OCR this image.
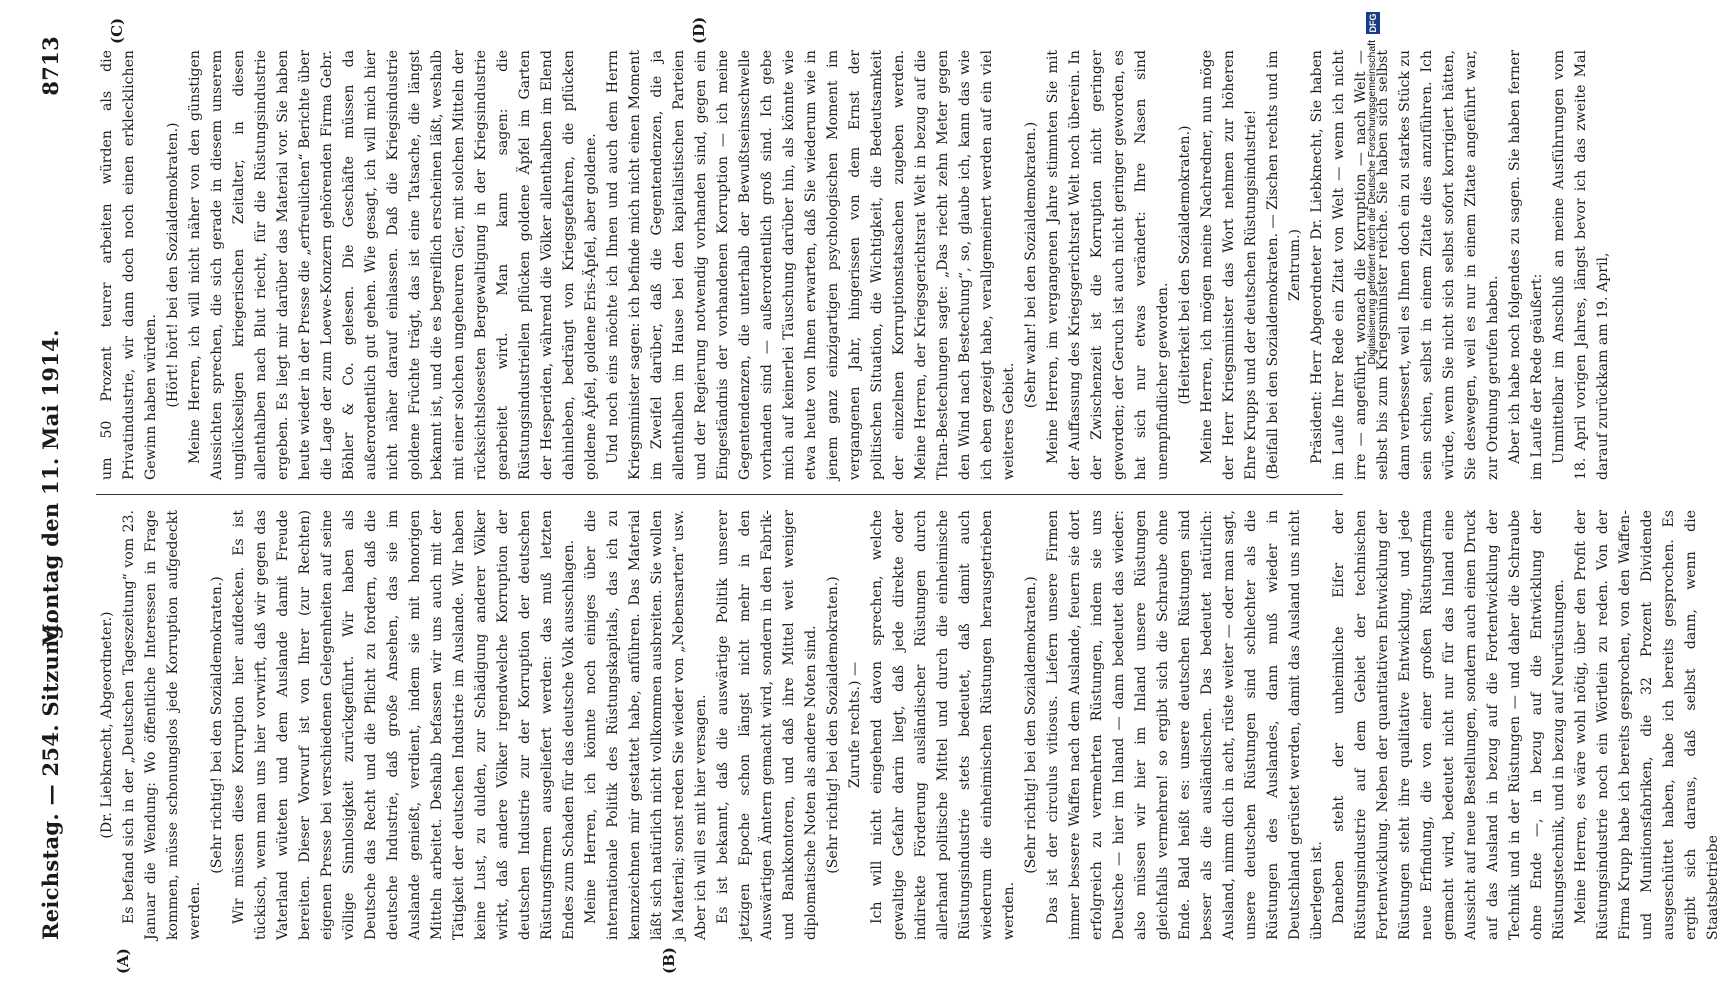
Reichstag. — 254. Sitzung.
Montag den 11. Mai 1914.
8713
(A)	(B)
(C)	(D)

(Dr. Liebknecht, Abgeordneter.) Es befand sich in der „Deutschen Tageszeitung“ vom 23. Januar die Wendung: Wo öffentliche Interessen in Frage kommen, müsse schonungslos jede Korruption aufgedeckt werden.

(Sehr richtig! bei den Sozialdemokraten.) Wir müssen diese Korruption hier aufdecken. Es ist tückisch, wenn man uns hier vorwirft, daß wir gegen das Vaterland wüteten und dem Auslande damit Freude bereiten. Dieser Vorwurf ist von Ihrer (zur Rechten) eigenen Presse bei verschiedenen Gelegenheiten auf seine völlige Sinnlosigkeit zurückgeführt. Wir haben als Deutsche das Recht und die Pflicht zu fordern, daß die deutsche Industrie, daß große Ansehen, das sie im Auslande genießt, verdient, indem sie mit honorigen Mitteln arbeitet. Deshalb befassen wir uns auch mit der Tätigkeit der deutschen Industrie im Auslande. Wir haben keine Lust, zu dulden, zur Schädigung anderer Völker wirkt, daß andere Völker irgendwelche Korruption der deutschen Industrie zur der Korruption der deutschen Rüstungsfirmen ausgeliefert werden: das muß letzten Endes zum Schaden für das deutsche Volk ausschlagen. Meine Herren, ich könnte noch einiges über die internationale Politik des Rüstungskapitals, das ich zu kennzeichnen mir gestattet habe, anführen. Das Material läßt sich natürlich nicht vollkommen ausbreiten. Sie wollen ja Material; sonst reden Sie wieder von „Nebensarten“ usw. Aber ich will es mit hier versagen. Es ist bekannt, daß die auswärtige Politik unserer jetzigen Epoche schon längst nicht mehr in den Auswärtigen Ämtern gemacht wird, sondern in den Fabrik- und Bankkontoren, und daß ihre Mittel weit weniger diplomatische Noten als andere Noten sind. (Sehr richtig! bei den Sozialdemokraten.) Zurufe rechts.) — Ich will nicht eingehend davon sprechen, welche gewaltige Gefahr darin liegt, daß jede direkte oder indirekte Förderung ausländischer Rüstungen durch allerhand politische Mittel und durch die einheimische Rüstungsindustrie stets bedeutet, daß damit auch wiederum die einheimischen Rüstungen herausgetrieben werden.

(Sehr richtig! bei den Sozialdemokraten.) Das ist der circulus vitiosus. Liefern unsere Firmen immer bessere Waffen nach dem Auslande, feuern sie dort erfolgreich zu vermehrten Rüstungen, indem sie uns Deutsche — hier im Inland — dann bedeutet das wieder: also müssen wir hier im Inland unsere Rüstungen gleichfalls vermehren! so ergibt sich die Schraube ohne Ende. Bald heißt es: unsere deutschen Rüstungen sind besser als die ausländischen. Das bedeutet natürlich: Ausland, nimm dich in acht, rüste weiter — oder man sagt, unsere deutschen Rüstungen sind schlechter als die Rüstungen des Auslandes, dann muß wieder in Deutschland gerüstet werden, damit das Ausland uns nicht überlegen ist. Daneben steht der unheimliche Eifer der Rüstungsindustrie auf dem Gebiet der technischen Fortentwicklung. Neben der quantitativen Entwicklung der Rüstungen steht ihre qualitative Entwicklung, und jede neue Erfindung, die von einer großen Rüstungsfirma gemacht wird, bedeutet nicht nur für das Inland eine Aussicht auf neue Bestellungen, sondern auch einen Druck auf das Ausland in bezug auf die Fortentwicklung der Technik und in der Rüstungen — und daher die Schraube ohne Ende —, in bezug auf die Entwicklung der Rüstungstechnik, und in bezug auf Neurüstungen. Meine Herren, es wäre wohl nötig, über den Profit der Rüstungsindustrie noch ein Wörtlein zu reden. Von der Firma Krupp habe ich bereits gesprochen, von den Waffen- und Munitionsfabriken, die 32 Prozent Dividende ausgeschüttet haben, habe ich bereits gesprochen. Es ergibt sich daraus, daß selbst dann, wenn die Staatsbetriebe

um 50 Prozent teurer arbeiten würden als die Privatindustrie, wir dann doch noch einen erklecklichen Gewinn haben würden. (Hört! hört! bei den Sozialdemokraten.) Meine Herren, ich will nicht näher von den günstigen Aussichten sprechen, die sich gerade in diesem unserem unglückseligen kriegerischen Zeitalter, in diesen allenthalben nach Blut riecht, für die Rüstungsindustrie ergeben. Es liegt mir darüber das Material vor. Sie haben heute wieder in der Presse die „erfreulichen“ Berichte über die Lage der zum Loewe-Konzern gehörenden Firma Gebr. Böhler & Co. gelesen. Die Geschäfte müssen da außerordentlich gut gehen. Wie gesagt, ich will mich hier nicht näher darauf einlassen. Daß die Kriegsindustrie goldene Früchte trägt, das ist eine Tatsache, die längst bekannt ist, und die es begreiflich erscheinen läßt, weshalb mit einer solchen ungeheuren Gier, mit solchen Mitteln der rücksichtslosesten Bergewaltigung in der Kriegsindustrie gearbeitet wird. Man kann sagen: die Rüstungsindustriellen pflücken goldene Äpfel im Garten der Hesperiden, während die Völker allenthalben im Elend dahinleben, bedrängt von Kriegsgefahren, die pflücken goldene Äpfel, goldene Eris-Äpfel, aber goldene. Und noch eins möchte ich Ihnen und auch dem Herrn Kriegsminister sagen: ich befinde mich nicht einen Moment im Zweifel darüber, daß die Gegentendenzen, die ja allenthalben im Hause bei den kapitalistischen Parteien und der Regierung notwendig vorhanden sind, gegen ein Eingeständnis der vorhandenen Korruption — ich meine Gegentendenzen, die unterhalb der Bewußtseinsschwelle vorhanden sind — außerordentlich groß sind. Ich gebe mich auf keinerlei Täuschung darüber hin, als könnte wie etwa heute von Ihnen erwarten, daß Sie wiederum wie in jenem ganz einzigartigen psychologischen Moment im vergangenen Jahr, hingerissen von dem Ernst der politischen Situation, die Wichtigkeit, die Bedeutsamkeit der einzelnen Korruptionstatsachen zugeben werden. Meine Herren, der Kriegsgerichtsrat Welt in bezug auf die Titan-Bestechungen sagte: „Das riecht zehn Meter gegen den Wind nach Bestechung“, so, glaube ich, kann das wie ich eben gezeigt habe, verallgemeinert werden auf ein viel weiteres Gebiet.

(Sehr wahr! bei den Sozialdemokraten.) Meine Herren, im vergangenen Jahre stimmten Sie mit der Auffassung des Kriegsgerichtsrat Welt noch überein. In der Zwischenzeit ist die Korruption nicht geringer geworden; der Geruch ist auch nicht geringer geworden, es hat sich nur etwas verändert: Ihre Nasen sind unempfindlicher geworden. (Heiterkeit bei den Sozialdemokraten.) Meine Herren, ich mögen meine Nachredner, nun möge der Herr Kriegsminister das Wort nehmen zur höheren Ehre Krupps und der deutschen Rüstungsindustrie! (Beifall bei den Sozialdemokraten. — Zischen rechts und im Zentrum.) Präsident: Herr Abgeordneter Dr. Liebknecht, Sie haben im Laufe Ihrer Rede ein Zitat von Welt — wenn ich nicht irre — angeführt, wonach die Korruption — nach Welt — selbst bis zum Kriegsminister reiche. Sie haben sich selbst dann verbessert, weil es Ihnen doch ein zu starkes Stück zu sein schien, selbst in einem Zitate dies anzuführen. Ich würde, wenn Sie nicht sich selbst sofort korrigiert hätten, Sie deswegen, weil es nur in einem Zitate angeführt war, zur Ordnung gerufen haben. Aber ich habe noch folgendes zu sagen. Sie haben ferner im Laufe der Rede geäußert: Unmittelbar im Anschluß an meine Ausführungen vom 18. April vorigen Jahres, längst bevor ich das zweite Mal darauf zurückkam am 19. April,

Digitalisierung gefördert durch die Deutsche Forschungsgemeinschaft
DFG
